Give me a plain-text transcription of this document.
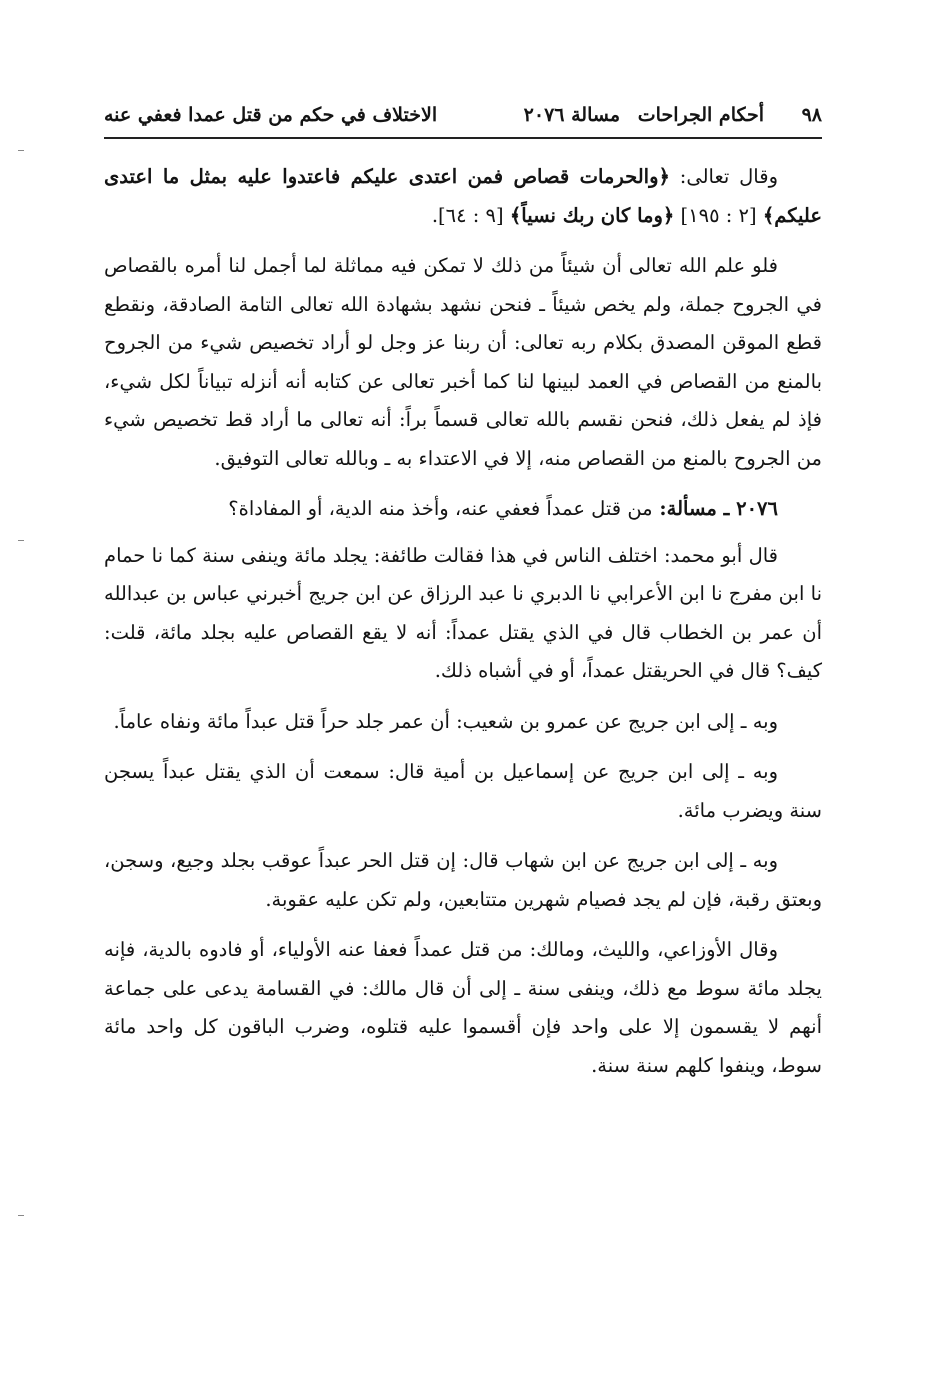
٩٨
أحكام الجراحات
مسالة ٢٠٧٦
الاختلاف في حكم من قتل عمدا فعفي عنه

وقال تعالى: ﴿والحرمات قصاص فمن اعتدى عليكم فاعتدوا عليه بمثل ما اعتدى عليكم﴾ [٢ : ١٩٥] ﴿وما كان ربك نسياً﴾ [٩ : ٦٤].

فلو علم الله تعالى أن شيئاً من ذلك لا تمكن فيه مماثلة لما أجمل لنا أمره بالقصاص في الجروح جملة، ولم يخص شيئاً ـ فنحن نشهد بشهادة الله تعالى التامة الصادقة، ونقطع قطع الموقن المصدق بكلام ربه تعالى: أن ربنا عز وجل لو أراد تخصيص شيء من الجروح بالمنع من القصاص في العمد لبينها لنا كما أخبر تعالى عن كتابه أنه أنزله تبياناً لكل شيء، فإذ لم يفعل ذلك، فنحن نقسم بالله تعالى قسماً براً: أنه تعالى ما أراد قط تخصيص شيء من الجروح بالمنع من القصاص منه، إلا في الاعتداء به ـ وبالله تعالى التوفيق.

٢٠٧٦ ـ مسألة: من قتل عمداً فعفي عنه، وأخذ منه الدية، أو المفاداة؟

قال أبو محمد: اختلف الناس في هذا فقالت طائفة: يجلد مائة وينفى سنة كما نا حمام نا ابن مفرج نا ابن الأعرابي نا الدبري نا عبد الرزاق عن ابن جريج أخبرني عباس بن عبدالله أن عمر بن الخطاب قال في الذي يقتل عمداً: أنه لا يقع القصاص عليه بجلد مائة، قلت: كيف؟ قال في الحريقتل عمداً، أو في أشباه ذلك.

وبه ـ إلى ابن جريج عن عمرو بن شعيب: أن عمر جلد حراً قتل عبداً مائة ونفاه عاماً.

وبه ـ إلى ابن جريج عن إسماعيل بن أمية قال: سمعت أن الذي يقتل عبداً يسجن سنة ويضرب مائة.

وبه ـ إلى ابن جريج عن ابن شهاب قال: إن قتل الحر عبداً عوقب بجلد وجيع، وسجن، وبعتق رقبة، فإن لم يجد فصيام شهرين متتابعين، ولم تكن عليه عقوبة.

وقال الأوزاعي، والليث، ومالك: من قتل عمداً فعفا عنه الأولياء، أو فادوه بالدية، فإنه يجلد مائة سوط مع ذلك، وينفى سنة ـ إلى أن قال مالك: في القسامة يدعى على جماعة أنهم لا يقسمون إلا على واحد فإن أقسموا عليه قتلوه، وضرب الباقون كل واحد مائة سوط، وينفوا كلهم سنة سنة.
